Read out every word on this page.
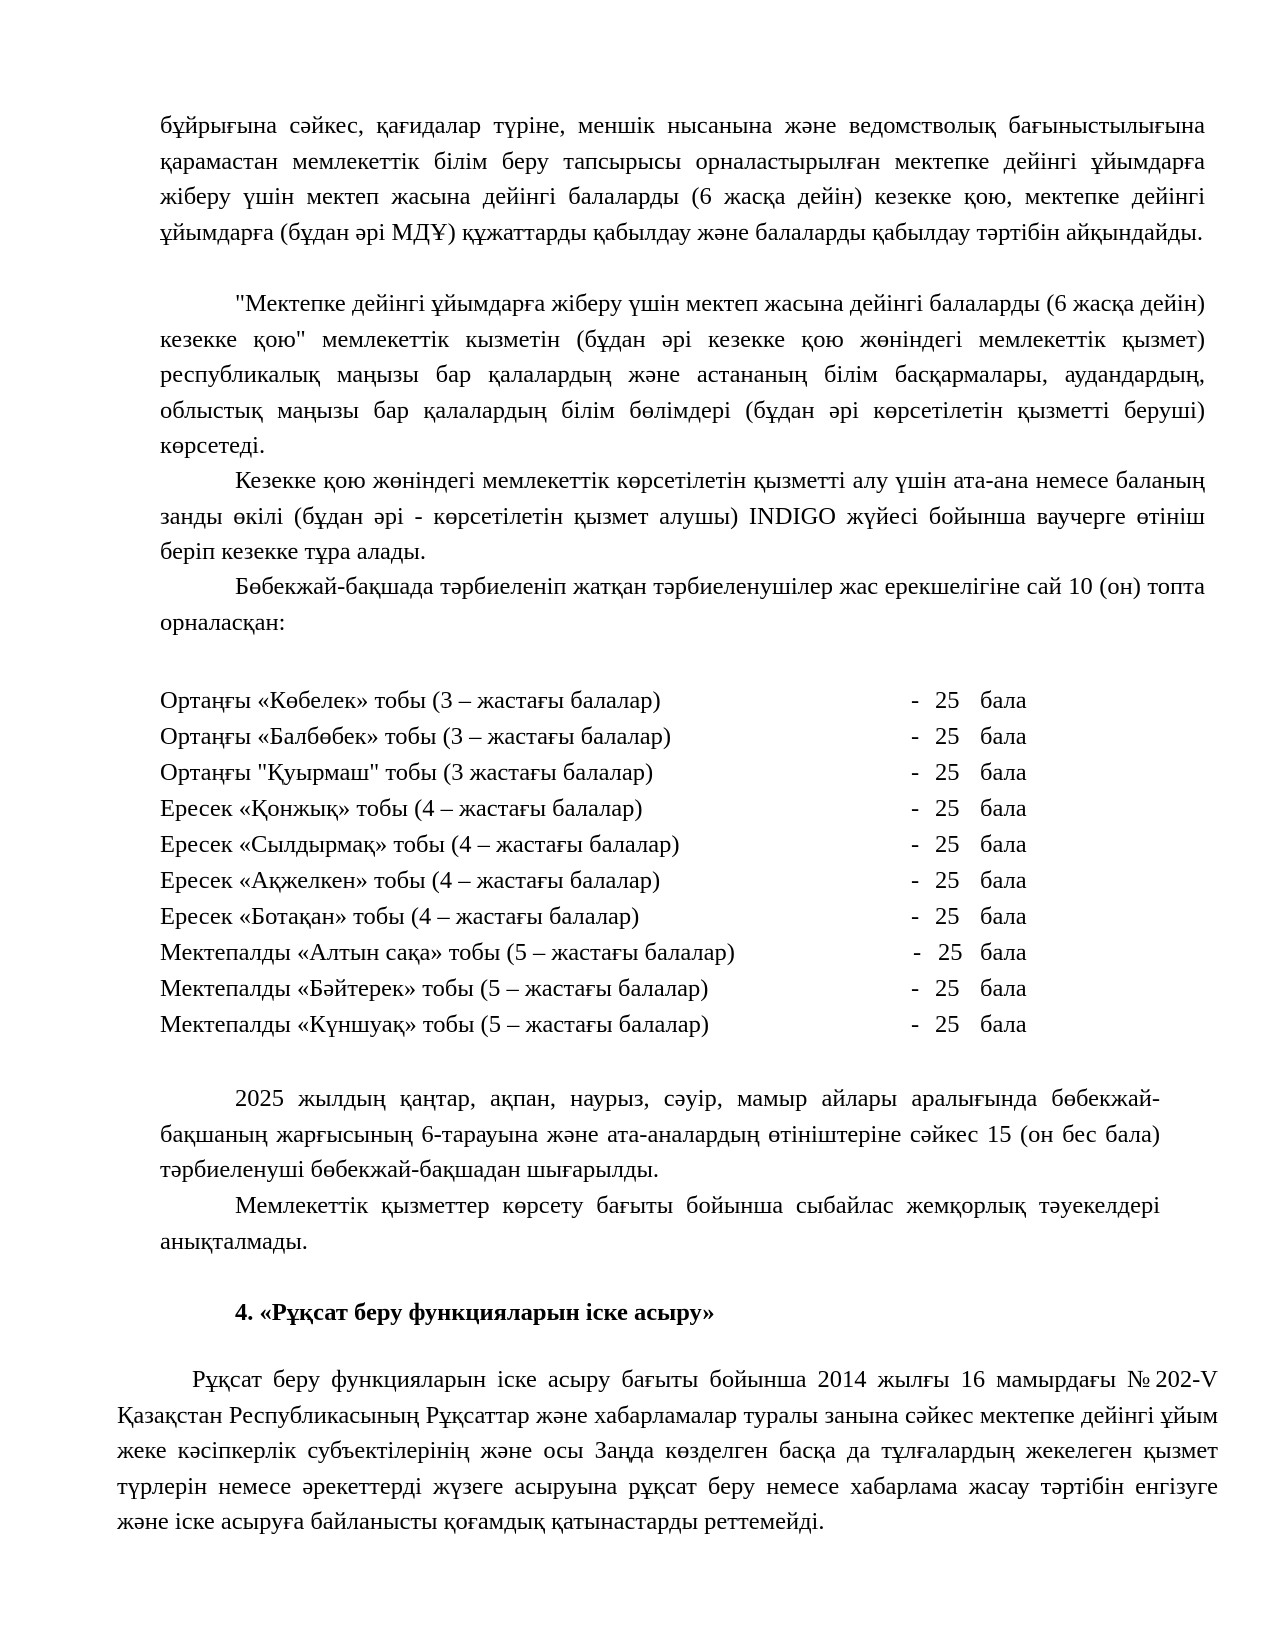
бұйрығына сәйкес, қағидалар түріне, меншік нысанына және ведомстволық бағыныстылығына қарамастан мемлекеттік білім беру тапсырысы орналастырылған мектепке дейінгі ұйымдарға жіберу үшін мектеп жасына дейінгі балаларды (6 жасқа дейін) кезекке қою, мектепке дейінгі ұйымдарға (бұдан әрі МДҰ) құжаттарды қабылдау және балаларды қабылдау тәртібін айқындайды.

"Мектепке дейінгі ұйымдарға жіберу үшін мектеп жасына дейінгі балаларды (6 жасқа дейін) кезекке қою" мемлекеттік кызметін (бұдан әрі кезекке қою жөніндегі мемлекеттік қызмет) республикалық маңызы бар қалалардың және астананың білім басқармалары, аудандардың, облыстық маңызы бар қалалардың білім бөлімдері (бұдан әрі көрсетілетін қызметті беруші) көрсетеді.

Кезекке қою жөніндегі мемлекеттік көрсетілетін қызметті алу үшін ата-ана немесе баланың занды өкілі (бұдан әрі - көрсетілетін қызмет алушы) INDIGO жүйесі бойынша ваучерге өтініш беріп кезекке тұра алады.

Бөбекжай-бақшада тәрбиеленіп жатқан тәрбиеленушілер жас ерекшелігіне сай 10 (он) топта орналасқан:

Ортаңғы «Көбелек» тобы (3 – жастағы балалар)	- 25 бала
Ортаңғы «Балбөбек» тобы (3 – жастағы балалар)	- 25 бала
Ортаңғы "Қуырмаш" тобы (3 жастағы балалар)	- 25 бала
Ересек «Қонжық» тобы (4 – жастағы балалар)	- 25 бала
Ересек «Сылдырмақ» тобы (4 – жастағы балалар)	- 25 бала
Ересек «Ақжелкен» тобы (4 – жастағы балалар)	- 25 бала
Ересек «Ботақан» тобы (4 – жастағы балалар)	- 25 бала
Мектепалды «Алтын сақа» тобы (5 – жастағы балалар)	- 25 бала
Мектепалды «Бәйтерек» тобы (5 – жастағы балалар)	- 25 бала
Мектепалды «Күншуақ» тобы (5 – жастағы балалар)	- 25 бала

2025 жылдың қаңтар, ақпан, наурыз, сәуір, мамыр айлары аралығында бөбекжай- бақшаның жарғысының 6-тарауына және ата-аналардың өтініштеріне сәйкес 15 (он бес бала) тәрбиеленуші бөбекжай-бақшадан шығарылды.

Мемлекеттік қызметтер көрсету бағыты бойынша сыбайлас жемқорлық тәуекелдері анықталмады.

4. «Рұқсат беру функцияларын іске асыру»

Рұқсат беру функцияларын іске асыру бағыты бойынша 2014 жылғы 16 мамырдағы №202-V Қазақстан Республикасының Рұқсаттар және хабарламалар туралы занына сәйкес мектепке дейінгі ұйым жеке кәсіпкерлік субъектілерінің және осы Заңда көзделген басқа да тұлғалардың жекелеген қызмет түрлерін немесе әрекеттерді жүзеге асыруына рұқсат беру немесе хабарлама жасау тәртібін енгізуге және іске асыруға байланысты қоғамдық қатынастарды реттемейді.
